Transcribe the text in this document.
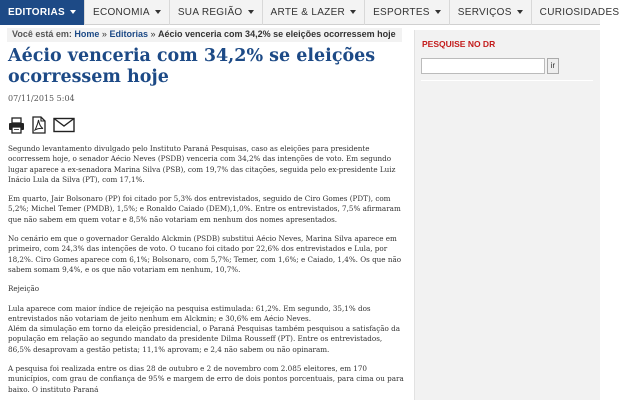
EDITORIAS	ECONOMIA	SUA REGIÃO	ARTE & LAZER	ESPORTES	SERVIÇOS	CURIOSIDADES
Você está em: Home » Editorias » Aécio venceria com 34,2% se eleições ocorressem hoje
Aécio venceria com 34,2% se eleições ocorressem hoje
07/11/2015 5:04

Segundo levantamento divulgado pelo Instituto Paraná Pesquisas, caso as eleições para presidente ocorressem hoje, o senador Aécio Neves (PSDB) venceria com 34,2% das intenções de voto. Em segundo lugar aparece a ex-senadora Marina Silva (PSB), com 19,7% das citações, seguida pelo ex-presidente Luiz Inácio Lula da Silva (PT), com 17,1%.

Em quarto, Jair Bolsonaro (PP) foi citado por 5,3% dos entrevistados, seguido de Ciro Gomes (PDT), com 5,2%; Michel Temer (PMDB), 1,5%; e Ronaldo Caiado (DEM),1,0%. Entre os entrevistados, 7,5% afirmaram que não sabem em quem votar e 8,5% não votariam em nenhum dos nomes apresentados.

No cenário em que o governador Geraldo Alckmin (PSDB) substitui Aécio Neves, Marina Silva aparece em primeiro, com 24,3% das intenções de voto. O tucano foi citado por 22,6% dos entrevistados e Lula, por 18,2%. Ciro Gomes aparece com 6,1%; Bolsonaro, com 5,7%; Temer, com 1,6%; e Caiado, 1,4%. Os que não sabem somam 9,4%, e os que não votariam em nenhum, 10,7%.

Rejeição

Lula aparece com maior índice de rejeição na pesquisa estimulada: 61,2%. Em segundo, 35,1% dos entrevistados não votariam de jeito nenhum em Alckmin; e 30,6% em Aécio Neves.

Além da simulação em torno da eleição presidencial, o Paraná Pesquisas também pesquisou a satisfação da população em relação ao segundo mandato da presidente Dilma Rousseff (PT). Entre os entrevistados, 86,5% desaprovam a gestão petista; 11,1% aprovam; e 2,4 não sabem ou não opinaram.

A pesquisa foi realizada entre os dias 28 de outubro e 2 de novembro com 2.085 eleitores, em 170 municípios, com grau de confiança de 95% e margem de erro de dois pontos porcentuais, para cima ou para baixo. O instituto Paraná

PESQUISE NO DR
ir
